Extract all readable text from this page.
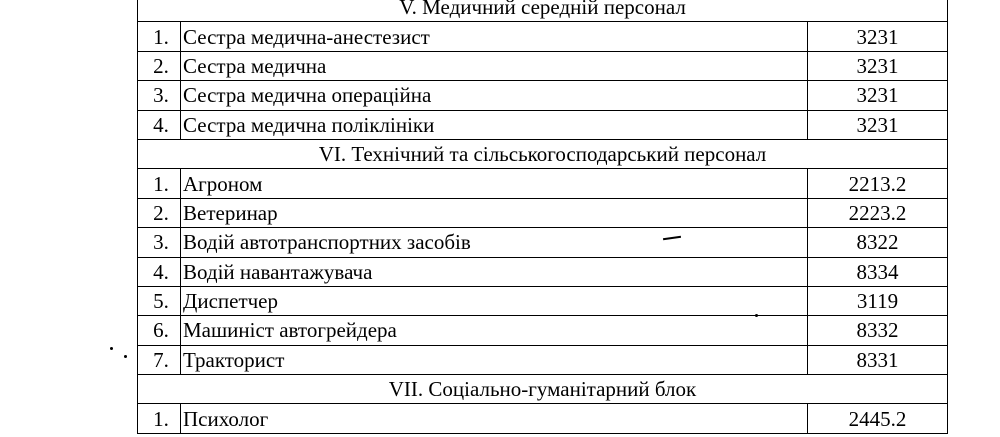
V. Медичний середній персонал		
1.	Сестра медична-анестезист	3231
2.	Сестра медична	3231
3.	Сестра медична операційна	3231
4.	Сестра медична поліклініки	3231
VI. Технічний та сільськогосподарський персонал		
1.	Агроном	2213.2
2.	Ветеринар	2223.2
3.	Водій автотранспортних засобів	8322
4.	Водій навантажувача	8334
5.	Диспетчер	3119
6.	Машиніст автогрейдера	8332
7.	Тракторист	8331
VII. Соціально-гуманітарний блок		
1.	Психолог	2445.2
